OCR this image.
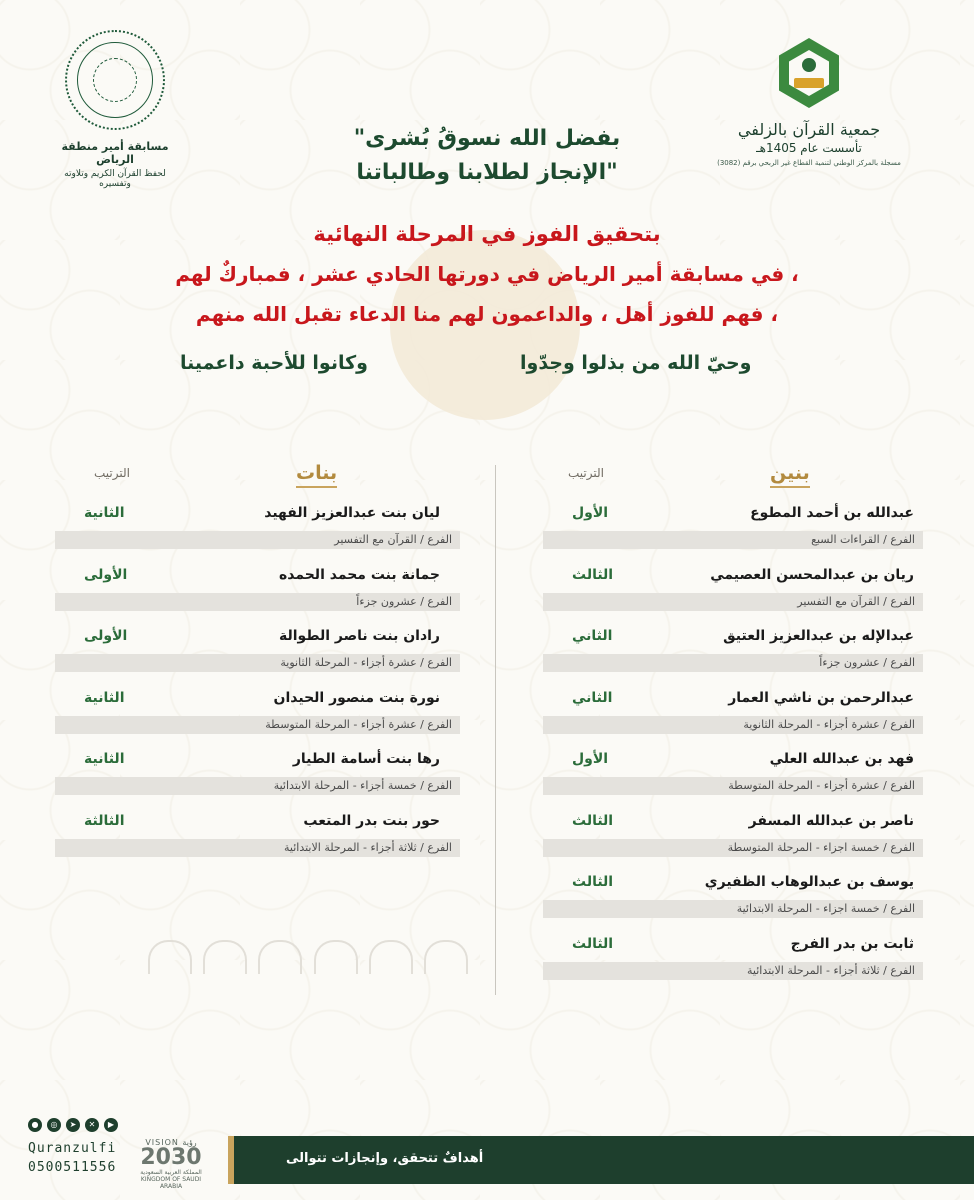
مسابقة أمير منطقة الرياض
لحفظ القرآن الكريم وتلاوته وتفسيره
جمعية القرآن بالزلفي
تأسست عام 1405هـ
مسجلة بالمركز الوطني لتنمية القطاع غير الربحي برقم (3082)
"بفضل الله نسوقُ بُشرى
الإنجاز لطلابنا وطالباتنا"
بتحقيق الفوز في المرحلة النهائية
في مسابقة أمير الرياض في دورتها الحادي عشر ، فمباركٌ لهم ،
فهم للفوز أهل ، والداعمون لهم منا الدعاء تقبل الله منهم ،
وحيّ الله من بذلوا وجدّوا
وكانوا للأحبة داعمينا
بنين
الترتيب
بنات
الترتيب
عبدالله بن أحمد المطوع
الأول
الفرع / القراءات السبع
ريان بن عبدالمحسن العصيمي
الثالث
الفرع / القرآن مع التفسير
عبدالإله بن عبدالعزيز العتيق
الثاني
الفرع / عشرون جزءاً
عبدالرحمن بن ناشي العمار
الثاني
الفرع / عشرة أجزاء - المرحلة الثانوية
فهد بن عبدالله العلي
الأول
الفرع / عشرة أجزاء - المرحلة المتوسطة
ناصر بن عبدالله المسفر
الثالث
الفرع / خمسة اجزاء - المرحلة المتوسطة
يوسف بن عبدالوهاب الظفيري
الثالث
الفرع / خمسة اجزاء - المرحلة الابتدائية
ثابت بن بدر الفرج
الثالث
الفرع / ثلاثة أجزاء - المرحلة الابتدائية
ليان بنت عبدالعزيز الفهيد
الثانية
الفرع / القرآن مع التفسير
جمانة بنت محمد الحمده
الأولى
الفرع / عشرون جزءاً
رادان بنت ناصر الطوالة
الأولى
الفرع / عشرة أجزاء - المرحلة الثانوية
نورة بنت منصور الحيدان
الثانية
الفرع / عشرة أجزاء - المرحلة المتوسطة
رها بنت أسامة الطيار
الثانية
الفرع / خمسة أجزاء - المرحلة الابتدائية
حور بنت بدر المتعب
الثالثة
الفرع / ثلاثة أجزاء - المرحلة الابتدائية
●	◎	➤	✕	▶
Quranzulfi
0500511556
VISION رؤية
2030
المملكة العربية السعودية KINGDOM OF SAUDI ARABIA
أهدافٌ تتحقق، وإنجازات تتوالى
